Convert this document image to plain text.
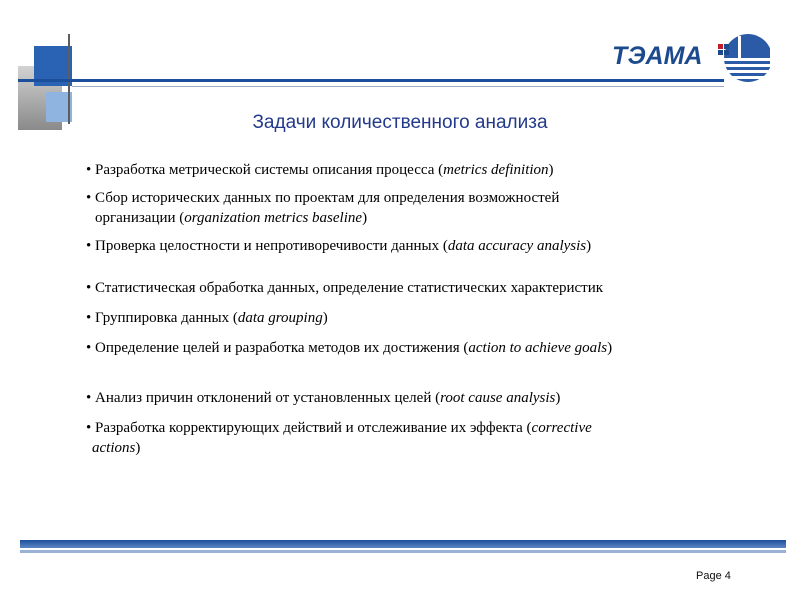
ТЭАМА
Задачи количественного анализа
• Разработка метрической системы описания процесса (metrics definition)
• Сбор исторических данных по проектам для определения возможностей
организации (organization metrics baseline)
• Проверка целостности и непротиворечивости данных (data accuracy analysis)
• Статистическая обработка данных, определение статистических характеристик
• Группировка данных (data grouping)
• Определение целей и разработка методов их достижения (action to achieve goals)
• Анализ причин отклонений от установленных целей (root cause analysis)
• Разработка корректирующих действий и отслеживание их эффекта (corrective
actions)
Page 4
